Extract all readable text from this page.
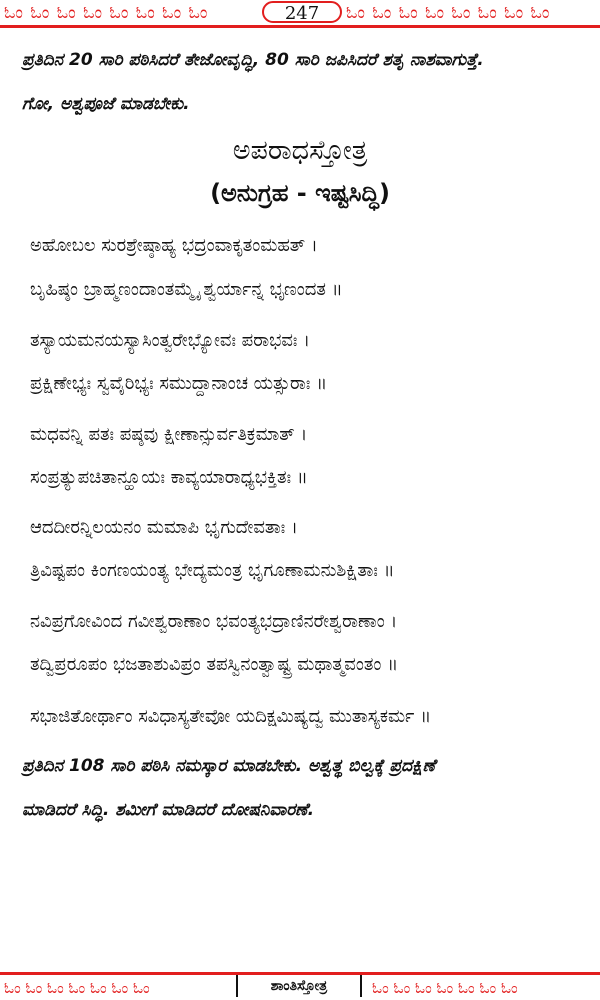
ಓಂ ಓಂ ಓಂ ಓಂ ಓಂ ಓಂ ಓಂ ಓಂ	247	ಓಂ ಓಂ ಓಂ ಓಂ ಓಂ ಓಂ ಓಂ ಓಂ
ಪ್ರತಿದಿನ 20 ಸಾರಿ ಪಠಿಸಿದರೆ ತೇಜೋವೃದ್ಧಿ, 80 ಸಾರಿ ಜಪಿಸಿದರೆ ಶತೃ ನಾಶವಾಗುತ್ತೆ.
ಗೋ, ಅಶ್ವಪೂಜೆ ಮಾಡಬೇಕು.
ಅಪರಾಧಸ್ತೋತ್ರ
(ಅನುಗ್ರಹ - ಇಷ್ಟಸಿದ್ಧಿ)
ಅಹೋಬಲ ಸುರಶ್ರೇಷ್ಠಾಹ್ಯ ಭದ್ರಂವಾಕೃತಂಮಹತ್ ।
ಬೃಹಿಷ್ಠಂ ಬ್ರಾಹ್ಮಣಂದಾಂತಮ್ಮೈ ಶ್ವರ್ಯಾನ್ನ ಭೃಣಂದತ ॥
ತಸ್ಯಾಯಮನಯಸ್ಯಾಸಿಂತ್ವರೇಭ್ಯೋವಃ ಪರಾಭವಃ ।
ಪ್ರಕ್ಷಿಣೇಭ್ಯಃ ಸ್ವವೈರಿಭ್ಯಃ ಸಮುದ್ದಾನಾಂಚ ಯತ್ಸುರಾಃ ॥
ಮಧವನ್ನಿ ಪತಃ ಪಷ್ಠವು ಕ್ಷೀಣಾನ್ಸುರ್ವತಿಕ್ರಮಾತ್ ।
ಸಂಪ್ರತ್ಯುಪಚಿತಾನ್ಹೂಯಃ ಕಾವ್ಯಯಾರಾಧ್ಯಭಕ್ತಿತಃ ॥
ಆದದೀರನ್ನಿಲಯನಂ ಮಮಾಪಿ ಭೃಗುದೇವತಾಃ ।
ತ್ರಿವಿಷ್ಟಪಂ ಕಿಂಗಣಯಂತ್ಯ ಭೇದ್ಯಮಂತ್ರ ಭೃಗೂಣಾಮನುಶಿಕ್ಷಿತಾಃ ॥
ನವಿಪ್ರಗೋವಿಂದ ಗವೀಶ್ವರಾಣಾಂ ಭವಂತ್ಯಭದ್ರಾಣಿನರೇಶ್ವರಾಣಾಂ ।
ತದ್ವಿಪ್ರರೂಪಂ ಭಜತಾಶುವಿಪ್ರಂ ತಪಸ್ವಿನಂತ್ವಾಷ್ಟ್ರ ಮಥಾತ್ಮವಂತಂ ॥
ಸಭಾಜಿತೋರ್ಥಾಂ ಸವಿಧಾಸ್ಯತೇವೋ ಯದಿಕ್ಷಮಿಷ್ಯದ್ವ ಮುತಾಸ್ಯಕರ್ಮ ॥
ಪ್ರತಿದಿನ 108 ಸಾರಿ ಪಠಿಸಿ ನಮಸ್ಕಾರ ಮಾಡಬೇಕು. ಅಶ್ವತ್ಥ ಬಿಲ್ವಕ್ಕೆ ಪ್ರದಕ್ಷಿಣೆ
ಮಾಡಿದರೆ ಸಿದ್ಧಿ. ಶಮೀಗೆ ಮಾಡಿದರೆ ದೋಷನಿವಾರಣೆ.
ಓಂ ಓಂ ಓಂ ಓಂ ಓಂ ಓಂ ಓಂ	ಶಾಂತಿಸ್ತೋತ್ರ	ಓಂ ಓಂ ಓಂ ಓಂ ಓಂ ಓಂ ಓಂ
